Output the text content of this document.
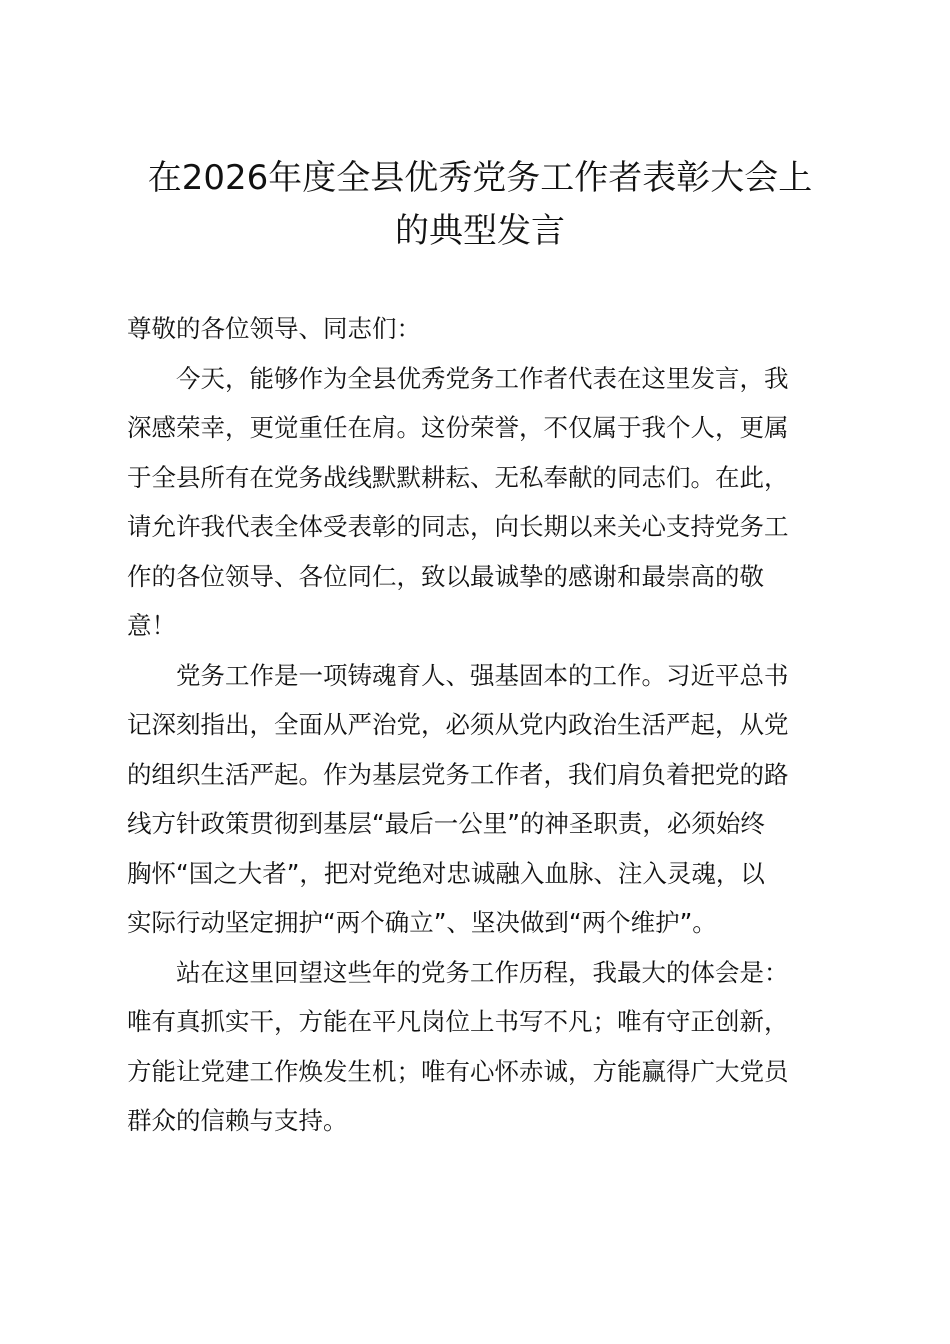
在2026年度全县优秀党务工作者表彰大会上
的典型发言

尊敬的各位领导、同志们：

今天，能够作为全县优秀党务工作者代表在这里发言，我
深感荣幸，更觉重任在肩。这份荣誉，不仅属于我个人，更属
于全县所有在党务战线默默耕耘、无私奉献的同志们。在此，
请允许我代表全体受表彰的同志，向长期以来关心支持党务工
作的各位领导、各位同仁，致以最诚挚的感谢和最崇高的敬
意！

党务工作是一项铸魂育人、强基固本的工作。习近平总书
记深刻指出，全面从严治党，必须从党内政治生活严起，从党
的组织生活严起。作为基层党务工作者，我们肩负着把党的路
线方针政策贯彻到基层“最后一公里”的神圣职责，必须始终
胸怀“国之大者”，把对党绝对忠诚融入血脉、注入灵魂，以
实际行动坚定拥护“两个确立”、坚决做到“两个维护”。

站在这里回望这些年的党务工作历程，我最大的体会是：
唯有真抓实干，方能在平凡岗位上书写不凡；唯有守正创新，
方能让党建工作焕发生机；唯有心怀赤诚，方能赢得广大党员
群众的信赖与支持。
